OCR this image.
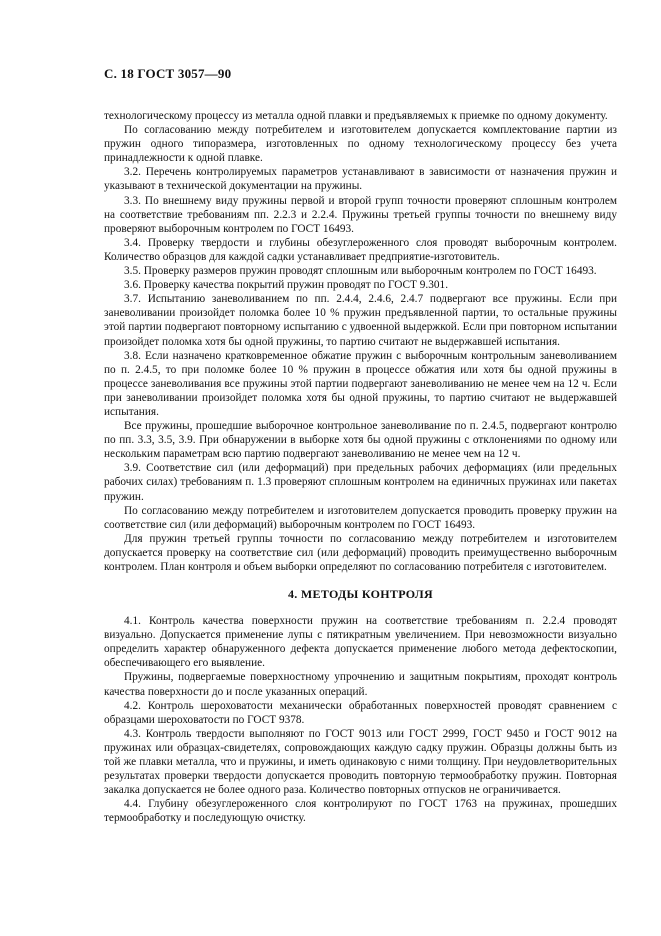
С. 18 ГОСТ 3057—90

технологическому процессу из металла одной плавки и предъявляемых к приемке по одному документу.

По согласованию между потребителем и изготовителем допускается комплектование партии из пружин одного типоразмера, изготовленных по одному технологическому процессу без учета принадлежности к одной плавке.

3.2. Перечень контролируемых параметров устанавливают в зависимости от назначения пружин и указывают в технической документации на пружины.

3.3. По внешнему виду пружины первой и второй групп точности проверяют сплошным контролем на соответствие требованиям пп. 2.2.3 и 2.2.4. Пружины третьей группы точности по внешнему виду проверяют выборочным контролем по ГОСТ 16493.

3.4. Проверку твердости и глубины обезуглероженного слоя проводят выборочным контролем. Количество образцов для каждой садки устанавливает предприятие-изготовитель.

3.5. Проверку размеров пружин проводят сплошным или выборочным контролем по ГОСТ 16493.

3.6. Проверку качества покрытий пружин проводят по ГОСТ 9.301.

3.7. Испытанию заневоливанием по пп. 2.4.4, 2.4.6, 2.4.7 подвергают все пружины. Если при заневоливании произойдет поломка более 10 % пружин предъявленной партии, то остальные пружины этой партии подвергают повторному испытанию с удвоенной выдержкой. Если при повторном испытании произойдет поломка хотя бы одной пружины, то партию считают не выдержавшей испытания.

3.8. Если назначено кратковременное обжатие пружин с выборочным контрольным заневоливанием по п. 2.4.5, то при поломке более 10 % пружин в процессе обжатия или хотя бы одной пружины в процессе заневоливания все пружины этой партии подвергают заневоливанию не менее чем на 12 ч. Если при заневоливании произойдет поломка хотя бы одной пружины, то партию считают не выдержавшей испытания.

Все пружины, прошедшие выборочное контрольное заневоливание по п. 2.4.5, подвергают контролю по пп. 3.3, 3.5, 3.9. При обнаружении в выборке хотя бы одной пружины с отклонениями по одному или нескольким параметрам всю партию подвергают заневоливанию не менее чем на 12 ч.

3.9. Соответствие сил (или деформаций) при предельных рабочих деформациях (или предельных рабочих силах) требованиям п. 1.3 проверяют сплошным контролем на единичных пружинах или пакетах пружин.

По согласованию между потребителем и изготовителем допускается проводить проверку пружин на соответствие сил (или деформаций) выборочным контролем по ГОСТ 16493.

Для пружин третьей группы точности по согласованию между потребителем и изготовителем допускается проверку на соответствие сил (или деформаций) проводить преимущественно выборочным контролем. План контроля и объем выборки определяют по согласованию потребителя с изготовителем.

4. МЕТОДЫ КОНТРОЛЯ

4.1. Контроль качества поверхности пружин на соответствие требованиям п. 2.2.4 проводят визуально. Допускается применение лупы с пятикратным увеличением. При невозможности визуально определить характер обнаруженного дефекта допускается применение любого метода дефектоскопии, обеспечивающего его выявление.

Пружины, подвергаемые поверхностному упрочнению и защитным покрытиям, проходят контроль качества поверхности до и после указанных операций.

4.2. Контроль шероховатости механически обработанных поверхностей проводят сравнением с образцами шероховатости по ГОСТ 9378.

4.3. Контроль твердости выполняют по ГОСТ 9013 или ГОСТ 2999, ГОСТ 9450 и ГОСТ 9012 на пружинах или образцах-свидетелях, сопровождающих каждую садку пружин. Образцы должны быть из той же плавки металла, что и пружины, и иметь одинаковую с ними толщину. При неудовлетворительных результатах проверки твердости допускается проводить повторную термообработку пружин. Повторная закалка допускается не более одного раза. Количество повторных отпусков не ограничивается.

4.4. Глубину обезуглероженного слоя контролируют по ГОСТ 1763 на пружинах, прошедших термообработку и последующую очистку.
